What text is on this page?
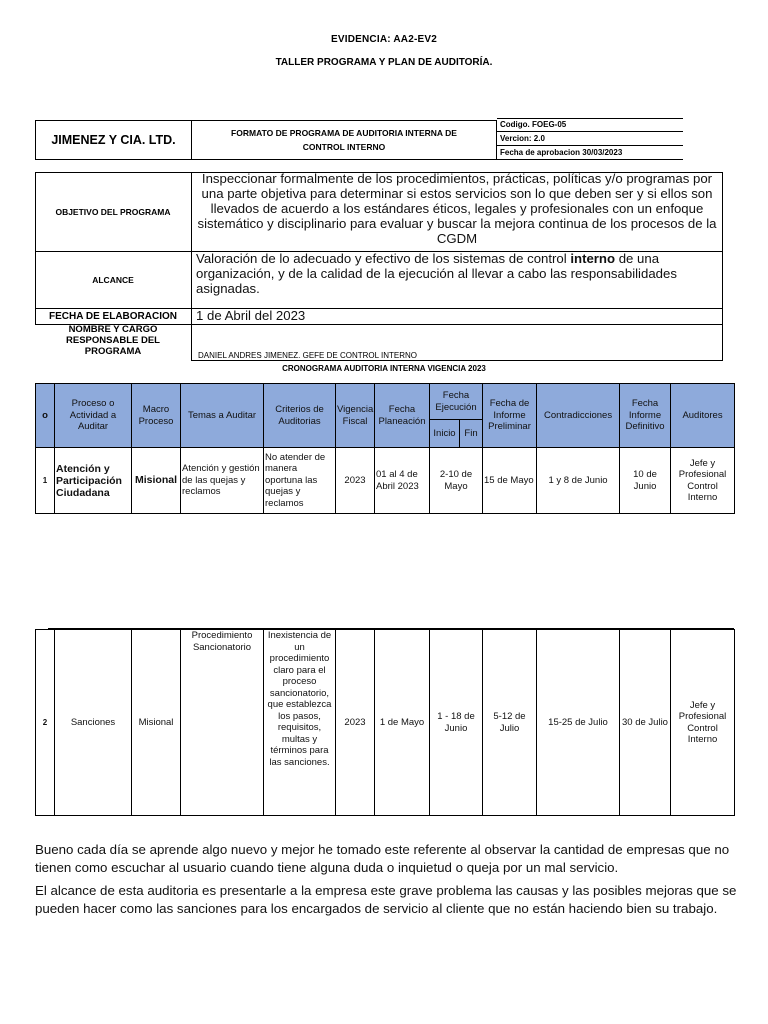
EVIDENCIA: AA2-EV2
TALLER PROGRAMA Y PLAN DE AUDITORÍA.
JIMENEZ Y CIA. LTD.
FORMATO DE PROGRAMA DE AUDITORIA INTERNA DE CONTROL INTERNO
Codigo. FOEG-05
Vercion: 2.0
Fecha de aprobacion 30/03/2023
OBJETIVO DEL PROGRAMA
Inspeccionar formalmente de los procedimientos, prácticas, políticas y/o programas por una parte objetiva para determinar si estos servicios son lo que deben ser y si ellos son llevados de acuerdo a los estándares éticos, legales y profesionales con un enfoque sistemático y disciplinario para evaluar y buscar la mejora continua de los procesos de la CGDM
ALCANCE
Valoración de lo adecuado y efectivo de los sistemas de control interno de una organización, y de la calidad de la ejecución al llevar a cabo las responsabilidades asignadas.
FECHA DE ELABORACION	1 de Abril del 2023
NOMBRE Y CARGO RESPONSABLE DEL PROGRAMA	DANIEL ANDRES JIMENEZ. GEFE DE CONTROL INTERNO
CRONOGRAMA AUDITORIA INTERNA VIGENCIA 2023
o	Proceso o Actividad a Auditar	Macro Proceso	Temas a Auditar	Criterios de Auditorias	Vigencia Fiscal	Fecha Planeación	Fecha Ejecución		Fecha de Informe Preliminar	Contradicciones	Fecha Informe Definitivo	Auditores
							Inicio	Fin				
1	Atención y Participación Ciudadana	Misional	Atención y gestión de las quejas y reclamos	No atender de manera oportuna las quejas y reclamos	2023	01 al 4 de Abril 2023	2-10 de Mayo		15 de Mayo	1 y 8 de Junio	10 de Junio	Jefe y Profesional Control Interno
2	Sanciones	Misional	Procedimiento Sancionatorio	Inexistencia de un procedimiento claro para el proceso sancionatorio, que establezca los pasos, requisitos, multas y términos para las sanciones.	2023	1 de Mayo	1 - 18 de Junio	5-12 de Julio	15-25 de Julio	30 de Julio	Jefe y Profesional Control Interno
Bueno cada día se aprende algo nuevo y mejor he tomado este referente al observar la cantidad de empresas que no tienen como escuchar al usuario cuando tiene alguna duda o inquietud o queja por un mal servicio.
El alcance de esta auditoria es presentarle a la empresa este grave problema las causas y las posibles mejoras que se pueden hacer como las sanciones para los encargados de servicio al cliente que no están haciendo bien su trabajo.
